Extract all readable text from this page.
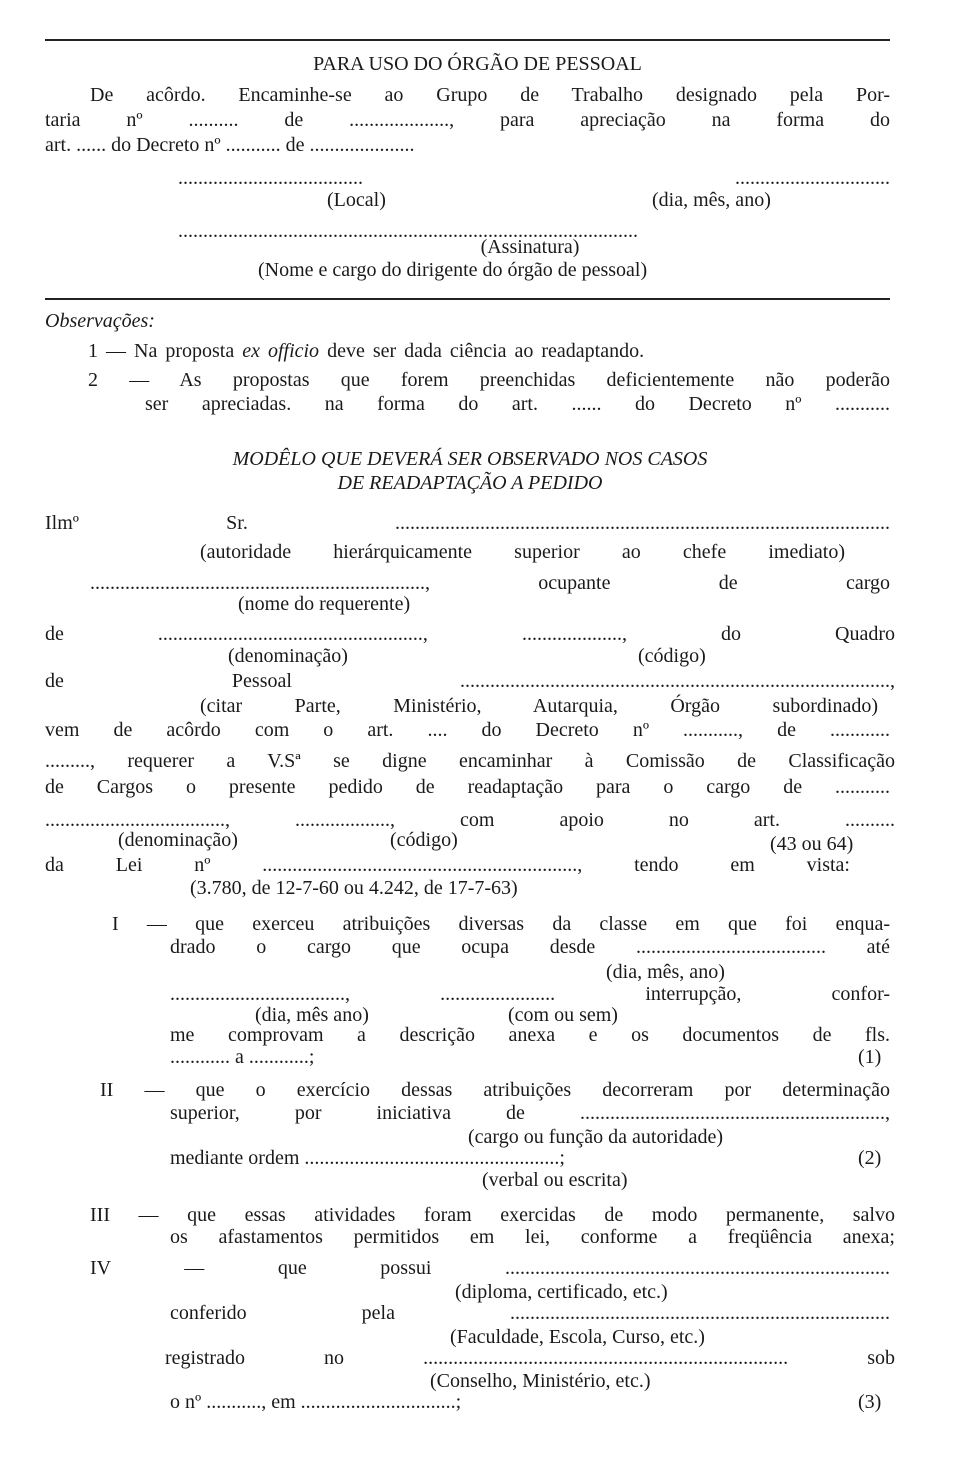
PARA USO DO ÓRGÃO DE PESSOAL
De acôrdo. Encaminhe-se ao Grupo de Trabalho designado pela Por-
taria nº .......... de ...................., para apreciação na forma do
art. ...... do Decreto nº ........... de .....................
..................................... ...............................
(Local)	(dia, mês, ano)
............................................................................................
(Assinatura)
(Nome e cargo do dirigente do órgão de pessoal)
Observações:
2 — As propostas que forem preenchidas deficientemente não poderão
ser apreciadas. na forma do art. ...... do Decreto nº ...........
MODÊLO QUE DEVERÁ SER OBSERVADO NOS CASOS
DE READAPTAÇÃO A PEDIDO
Ilmº Sr. ...................................................................................................
(autoridade hierárquicamente superior ao chefe imediato)
..................................................................., ocupante de cargo
(nome do requerente)
de ....................................................., ...................., do Quadro
(denominação)	(código)
de Pessoal ......................................................................................,
(citar Parte, Ministério, Autarquia, Órgão subordinado)
vem de acôrdo com o art. .... do Decreto nº ..........., de ............
........., requerer a V.Sª se digne encaminhar à Comissão de Classificação
de Cargos o presente pedido de readaptação para o cargo de ...........
...................................., ..................., com apoio no art. ..........
(denominação)	(código)	(43 ou 64)
da Lei nº ..............................................................., tendo em vista:
(3.780, de 12-7-60 ou 4.242, de 17-7-63)
I — que exerceu atribuições diversas da classe em que foi enqua-
drado o cargo que ocupa desde ...................................... até
(dia, mês, ano)
..................................., ....................... interrupção, confor-
(dia, mês ano)	(com ou sem)
me comprovam a descrição anexa e os documentos de fls.
............ a ............;	(1)
II — que o exercício dessas atribuições decorreram por determinação
superior, por iniciativa de .............................................................,
(cargo ou função da autoridade)
mediante ordem ...................................................;	(2)
(verbal ou escrita)
III — que essas atividades foram exercidas de modo permanente, salvo
os afastamentos permitidos em lei, conforme a freqüência anexa;
IV — que possui .............................................................................
(diploma, certificado, etc.)
conferido pela ............................................................................
(Faculdade, Escola, Curso, etc.)
registrado no ......................................................................... sob
(Conselho, Ministério, etc.)
o nº ..........., em ...............................;	(3)
1 — Na proposta ex officio deve ser dada ciência ao readaptando.
